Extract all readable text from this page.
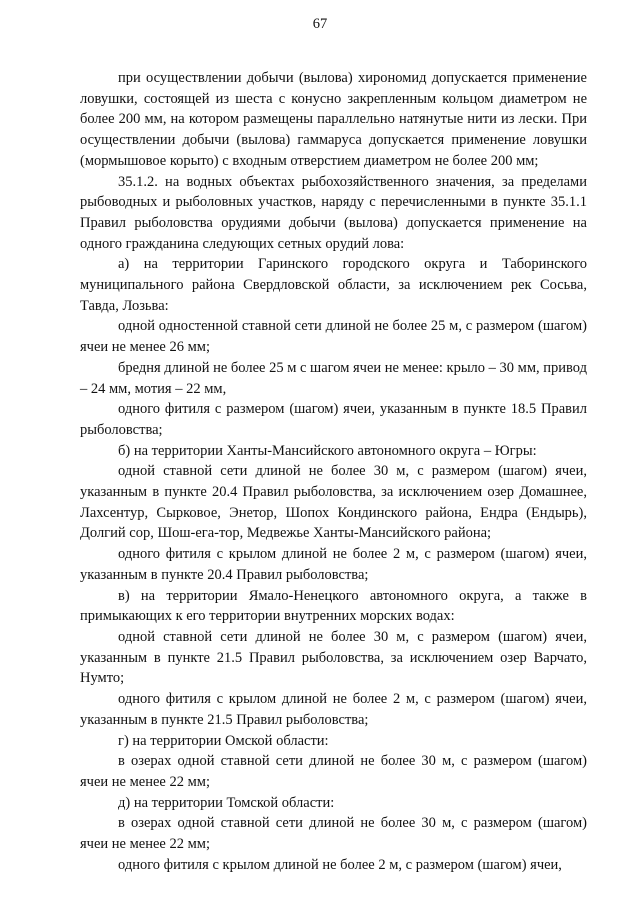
67

при осуществлении добычи (вылова) хирономид допускается применение ловушки, состоящей из шеста с конусно закрепленным кольцом диаметром не более 200 мм, на котором размещены параллельно натянутые нити из лески. При осуществлении добычи (вылова) гаммаруса допускается применение ловушки (мормышовое корыто) с входным отверстием диаметром не более 200 мм;

35.1.2. на водных объектах рыбохозяйственного значения, за пределами рыбоводных и рыболовных участков, наряду с перечисленными в пункте 35.1.1 Правил рыболовства орудиями добычи (вылова) допускается применение на одного гражданина следующих сетных орудий лова:

а) на территории Гаринского городского округа и Таборинского муниципального района Свердловской области, за исключением рек Сосьва, Тавда, Лозьва:

одной одностенной ставной сети длиной не более 25 м, с размером (шагом) ячеи не менее 26 мм;

бредня длиной не более 25 м с шагом ячеи не менее: крыло – 30 мм, привод – 24 мм, мотия – 22 мм,

одного фитиля с размером (шагом) ячеи, указанным в пункте 18.5 Правил рыболовства;

б) на территории Ханты-Мансийского автономного округа – Югры:

одной ставной сети длиной не более 30 м, с размером (шагом) ячеи, указанным в пункте 20.4 Правил рыболовства, за исключением озер Домашнее, Лахсентур, Сырковое, Энетор, Шопох Кондинского района, Ендра (Ендырь), Долгий сор, Шош-ега-тор, Медвежье Ханты-Мансийского района;

одного фитиля с крылом длиной не более 2 м, с размером (шагом) ячеи, указанным в пункте 20.4 Правил рыболовства;

в) на территории Ямало-Ненецкого автономного округа, а также в примыкающих к его территории внутренних морских водах:

одной ставной сети длиной не более 30 м, с размером (шагом) ячеи, указанным в пункте 21.5 Правил рыболовства, за исключением озер Варчато, Нумто;

одного фитиля с крылом длиной не более 2 м, с размером (шагом) ячеи, указанным в пункте 21.5 Правил рыболовства;

г) на территории Омской области:

в озерах одной ставной сети длиной не более 30 м, с размером (шагом) ячеи не менее 22 мм;

д) на территории Томской области:

в озерах одной ставной сети длиной не более 30 м, с размером (шагом) ячеи не менее 22 мм;

одного фитиля с крылом длиной не более 2 м, с размером (шагом) ячеи,
